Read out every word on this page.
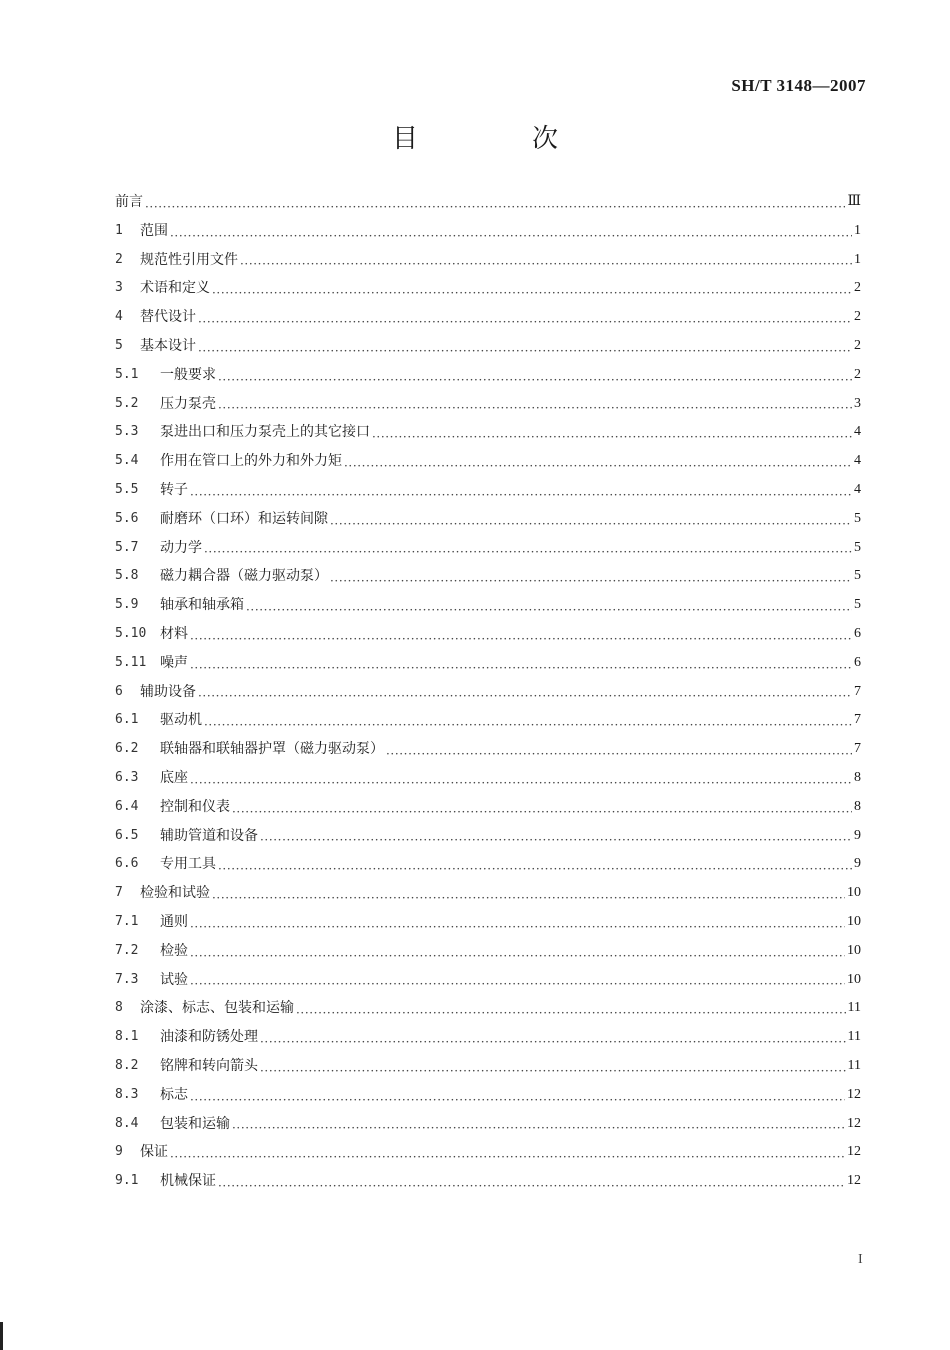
SH/T 3148—2007
目　次
前言 ·····	Ⅲ
1	范围 ·····	1
2	规范性引用文件 ·····	1
3	术语和定义 ·····	2
4	替代设计 ·····	2
5	基本设计 ·····	2
5.1	一般要求 ·····	2
5.2	压力泵壳 ·····	3
5.3	泵进出口和压力泵壳上的其它接口 ·····	4
5.4	作用在管口上的外力和外力矩 ·····	4
5.5	转子 ·····	4
5.6	耐磨环（口环）和运转间隙 ·····	5
5.7	动力学 ·····	5
5.8	磁力耦合器（磁力驱动泵） ·····	5
5.9	轴承和轴承箱 ·····	5
5.10 材料 ·····	6
5.11 噪声 ·····	6
6	辅助设备 ·····	7
6.1	驱动机 ·····	7
6.2	联轴器和联轴器护罩（磁力驱动泵） ·····	7
6.3	底座 ·····	8
6.4	控制和仪表 ·····	8
6.5	辅助管道和设备 ·····	9
6.6	专用工具 ·····	9
7	检验和试验 ·····	10
7.1	通则 ·····	10
7.2	检验 ·····	10
7.3	试验 ·····	10
8	涂漆、标志、包装和运输 ·····	11
8.1	油漆和防锈处理 ·····	11
8.2	铭牌和转向箭头 ·····	11
8.3	标志 ·····	12
8.4	包装和运输 ·····	12
9	保证 ·····	12
9.1	机械保证 ·····	12
I
